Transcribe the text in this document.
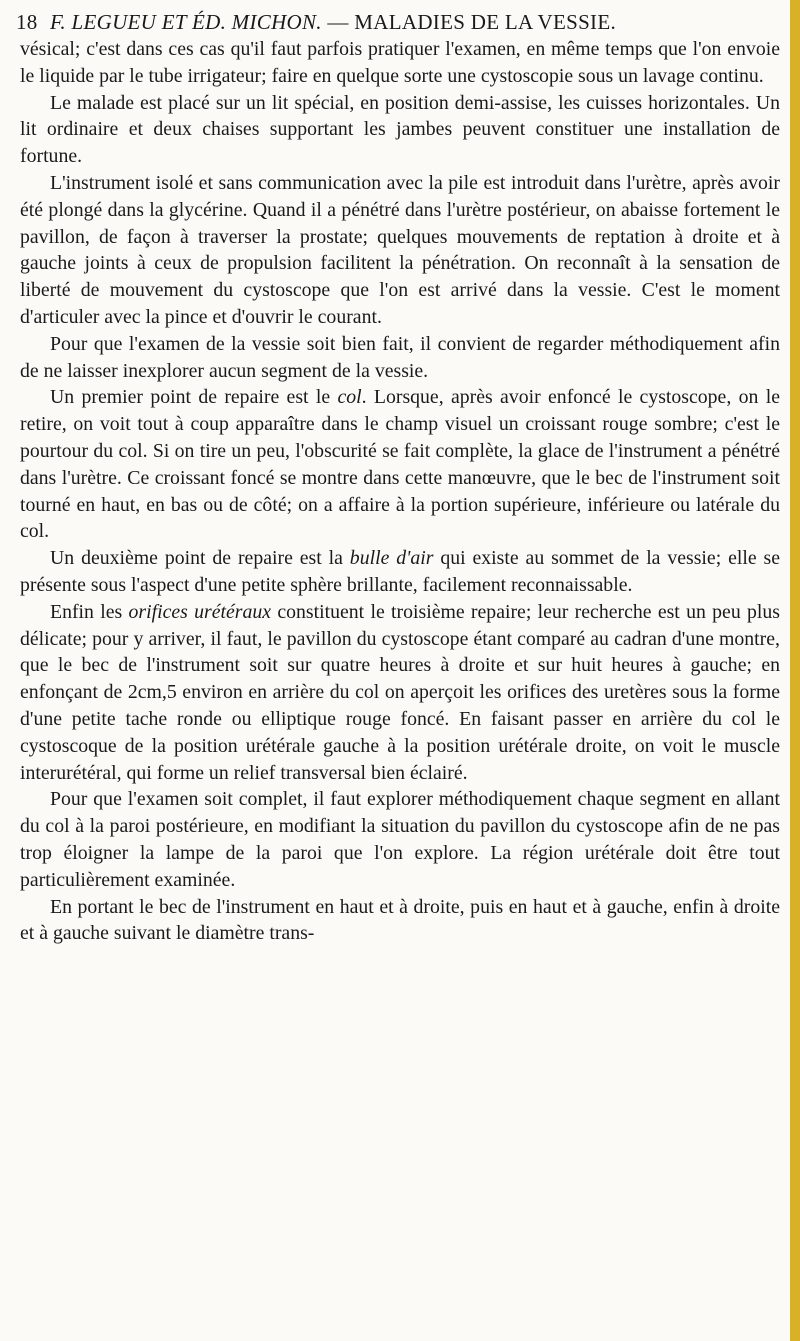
18 F. LEGUEU ET ÉD. MICHON. — MALADIES DE LA VESSIE.

vésical; c'est dans ces cas qu'il faut parfois pratiquer l'examen, en même temps que l'on envoie le liquide par le tube irrigateur; faire en quelque sorte une cystoscopie sous un lavage continu.

Le malade est placé sur un lit spécial, en position demi-assise, les cuisses horizontales. Un lit ordinaire et deux chaises supportant les jambes peuvent constituer une installation de fortune.

L'instrument isolé et sans communication avec la pile est introduit dans l'urètre, après avoir été plongé dans la glycérine. Quand il a pénétré dans l'urètre postérieur, on abaisse fortement le pavillon, de façon à traverser la prostate; quelques mouvements de reptation à droite et à gauche joints à ceux de propulsion facilitent la pénétration. On reconnaît à la sensation de liberté de mouvement du cystoscope que l'on est arrivé dans la vessie. C'est le moment d'articuler avec la pince et d'ouvrir le courant.

Pour que l'examen de la vessie soit bien fait, il convient de regarder méthodiquement afin de ne laisser inexplorer aucun segment de la vessie.

Un premier point de repaire est le col. Lorsque, après avoir enfoncé le cystoscope, on le retire, on voit tout à coup apparaître dans le champ visuel un croissant rouge sombre; c'est le pourtour du col. Si on tire un peu, l'obscurité se fait complète, la glace de l'instrument a pénétré dans l'urètre. Ce croissant foncé se montre dans cette manœuvre, que le bec de l'instrument soit tourné en haut, en bas ou de côté; on a affaire à la portion supérieure, inférieure ou latérale du col.

Un deuxième point de repaire est la bulle d'air qui existe au sommet de la vessie; elle se présente sous l'aspect d'une petite sphère brillante, facilement reconnaissable.

Enfin les orifices urétéraux constituent le troisième repaire; leur recherche est un peu plus délicate; pour y arriver, il faut, le pavillon du cystoscope étant comparé au cadran d'une montre, que le bec de l'instrument soit sur quatre heures à droite et sur huit heures à gauche; en enfonçant de 2cm,5 environ en arrière du col on aperçoit les orifices des uretères sous la forme d'une petite tache ronde ou elliptique rouge foncé. En faisant passer en arrière du col le cystoscoque de la position urétérale gauche à la position urétérale droite, on voit le muscle interurétéral, qui forme un relief transversal bien éclairé.

Pour que l'examen soit complet, il faut explorer méthodiquement chaque segment en allant du col à la paroi postérieure, en modifiant la situation du pavillon du cystoscope afin de ne pas trop éloigner la lampe de la paroi que l'on explore. La région urétérale doit être tout particulièrement examinée.

En portant le bec de l'instrument en haut et à droite, puis en haut et à gauche, enfin à droite et à gauche suivant le diamètre trans-
